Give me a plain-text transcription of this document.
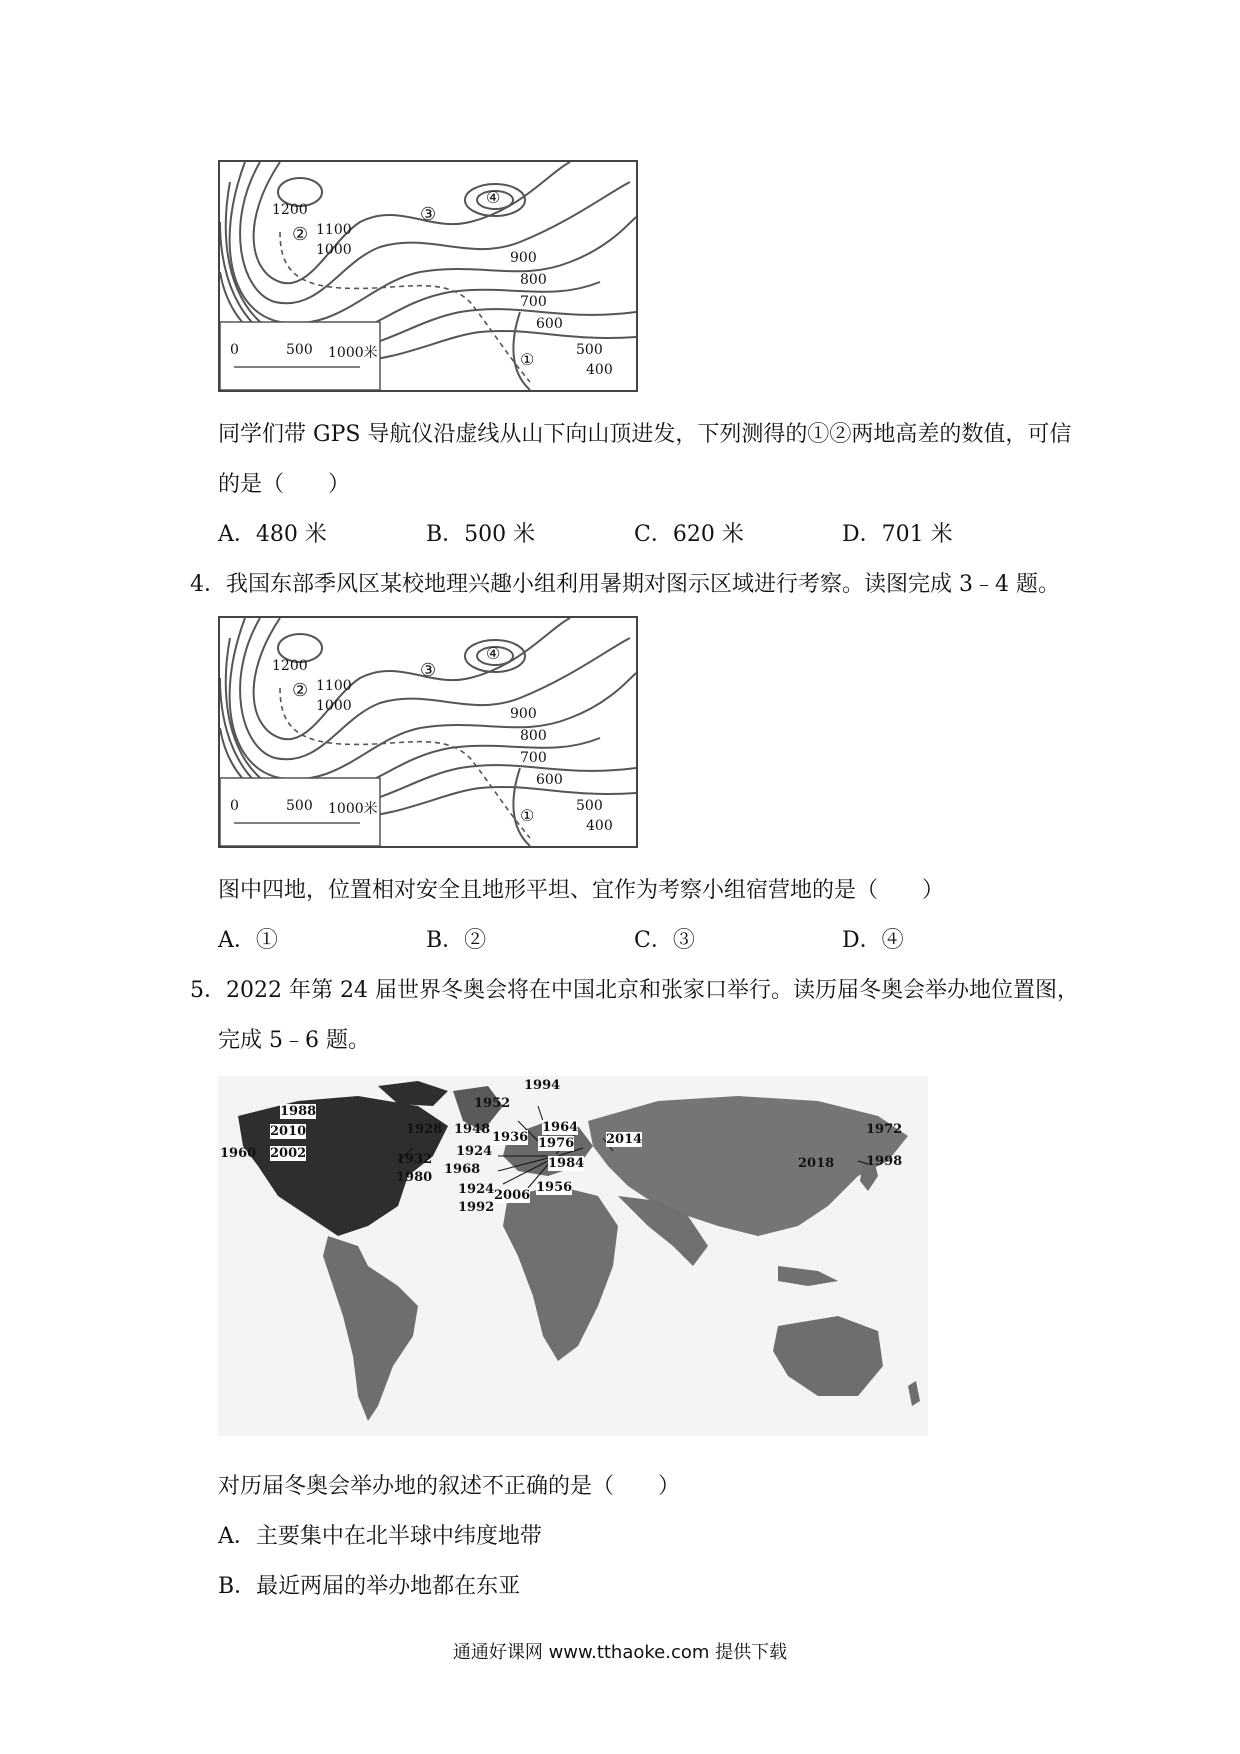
1200
1100
1000	900
800
700
600
500
400
①
②
③
④
0	500 1000米
同学们带 GPS 导航仪沿虚线从山下向山顶进发，下列测得的①②两地高差的数值，可信
的是（　　）
A．480 米	B．500 米	C．620 米	D．701 米
4．我国东部季风区某校地理兴趣小组利用暑期对图示区域进行考察。读图完成 3﹣4 题。
1200
1100
1000	900
800
700
600
500
400
①
②
③
④
0	500 1000米
图中四地，位置相对安全且地形平坦、宜作为考察小组宿营地的是（　　）
A．①	B．②	C．③	D．④
5．2022 年第 24 届世界冬奥会将在中国北京和张家口举行。读历届冬奥会举办地位置图，
完成 5﹣6 题。
1994
1952
1928 1948
1936
1964
1976 2014
1924
1968	1984
1924	1956
2006
1992
1988
2010
2002
1960	1932
1980
1972
2018 1998
对历届冬奥会举办地的叙述不正确的是（　　）
A．主要集中在北半球中纬度地带
B．最近两届的举办地都在东亚
通通好课网 www.tthaoke.com 提供下载
